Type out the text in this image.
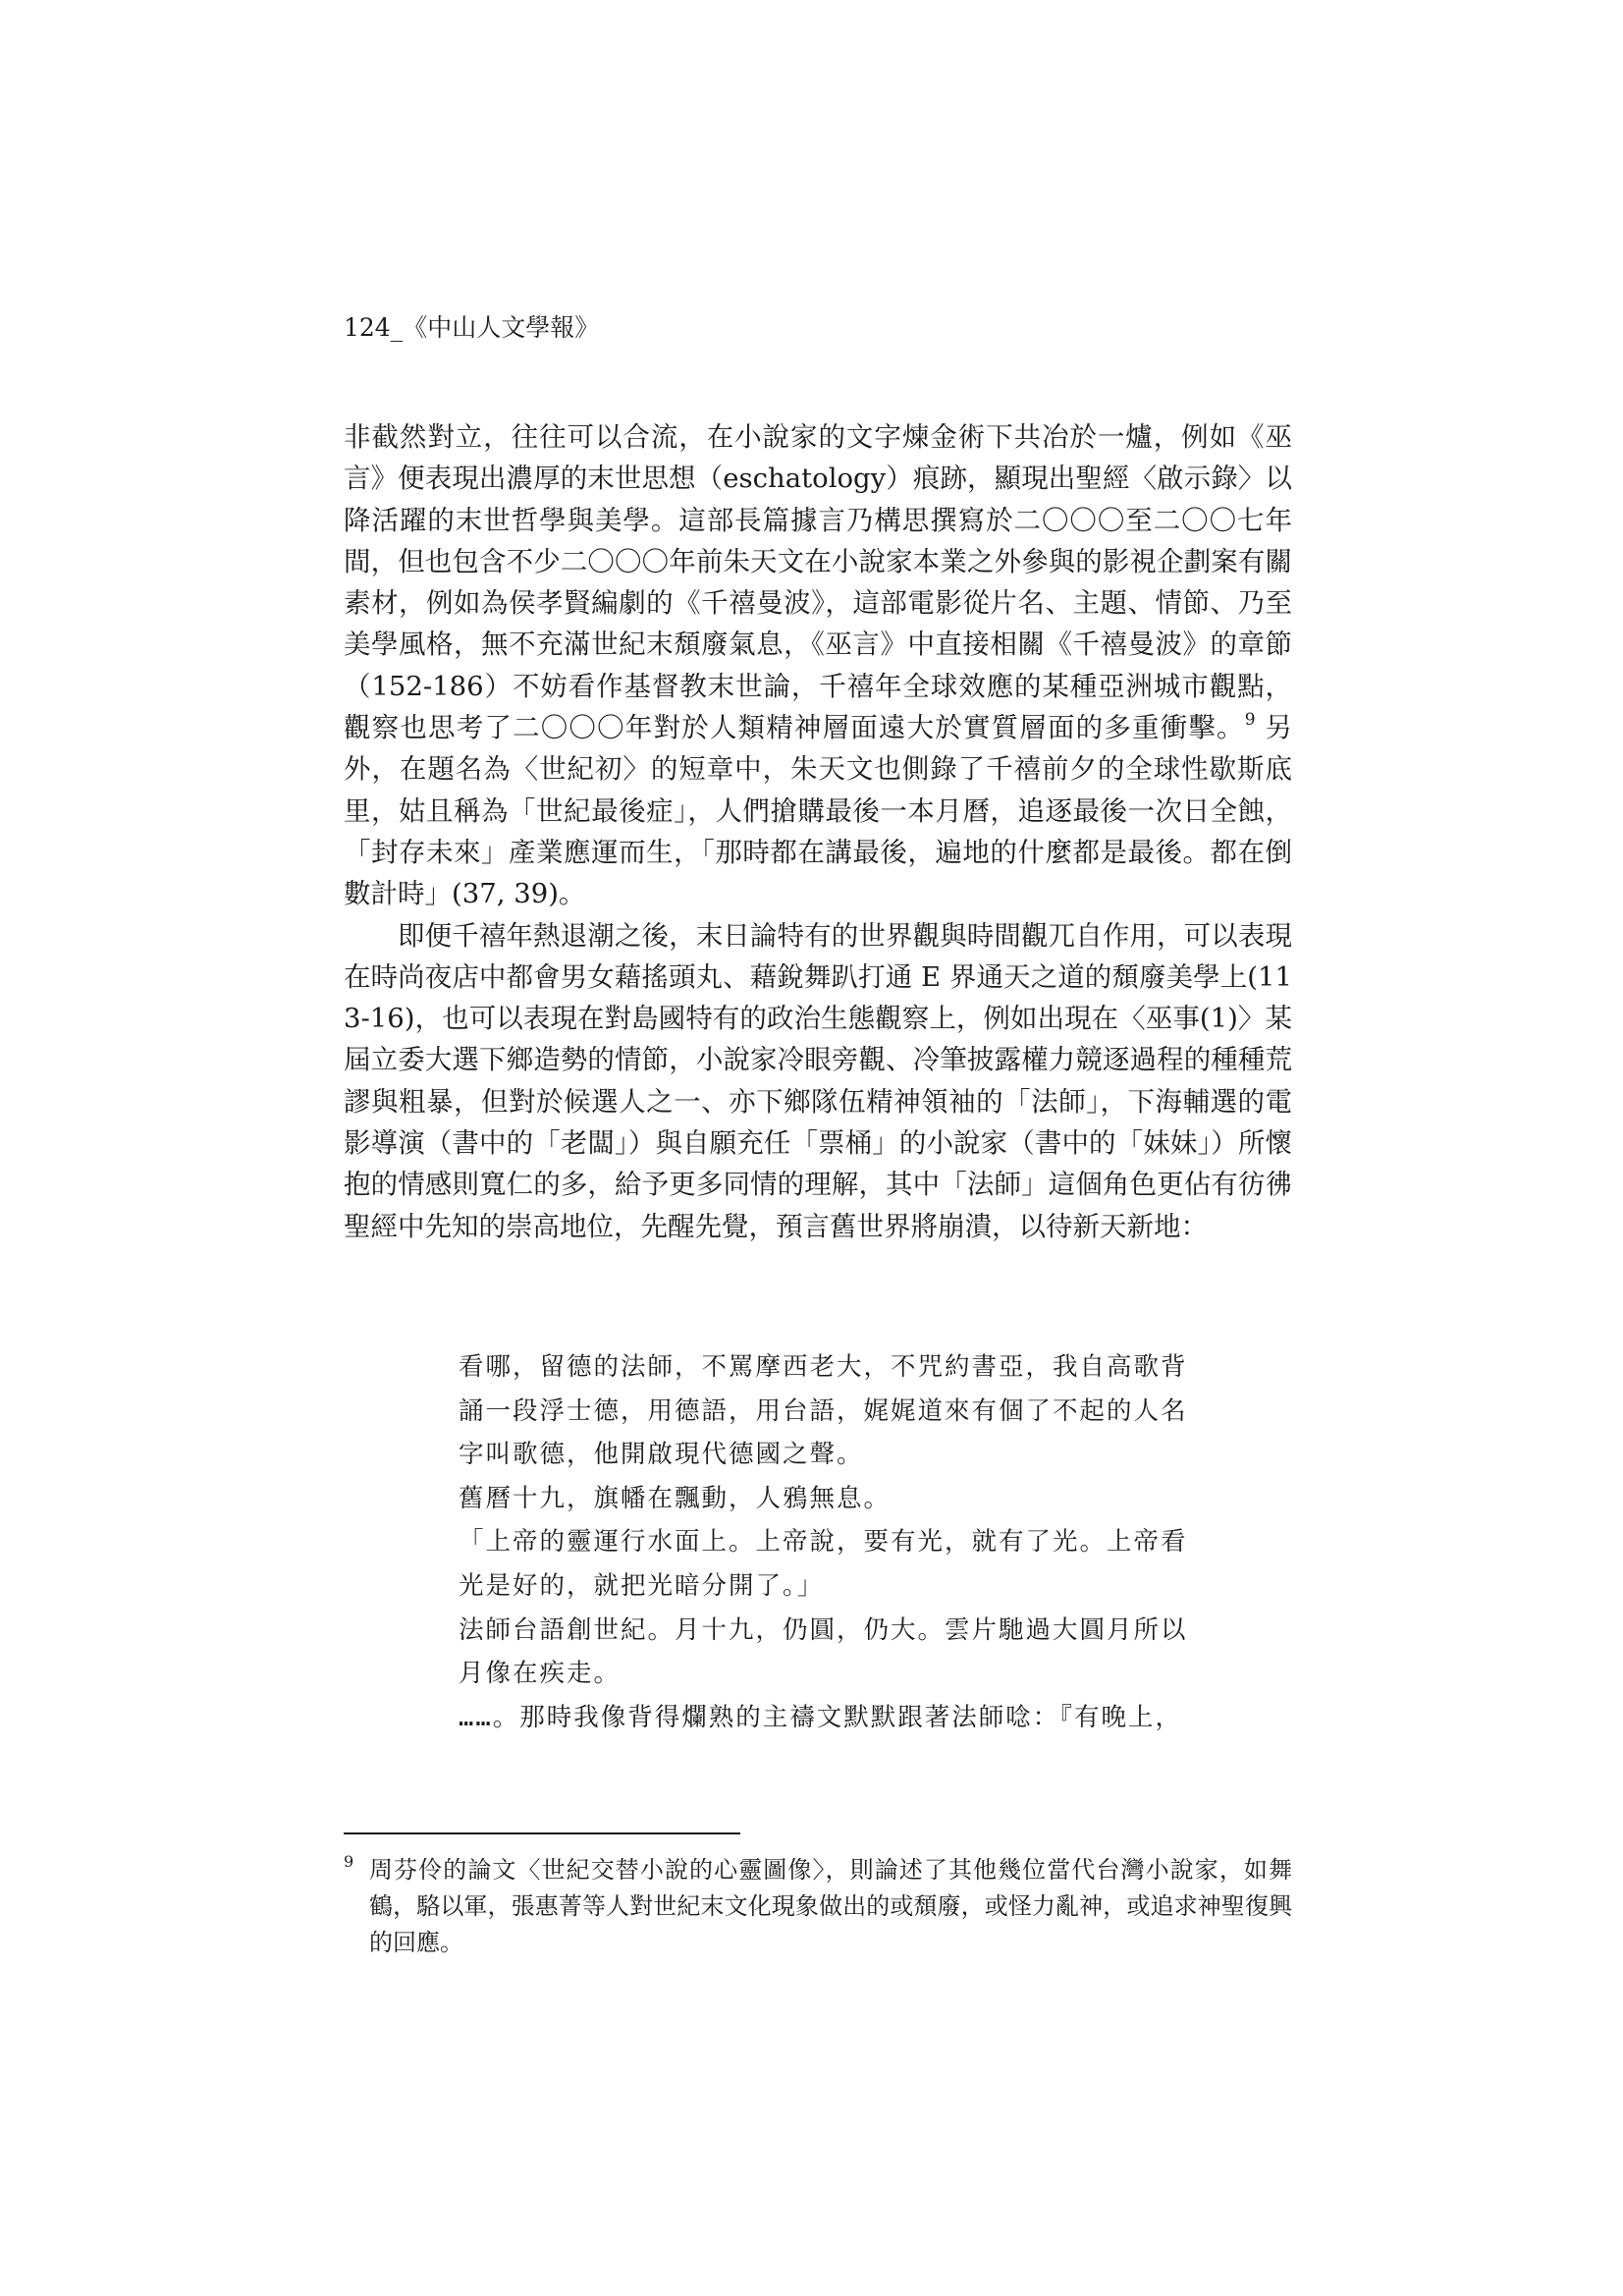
124_《中山人文學報》

非截然對立，往往可以合流，在小說家的文字煉金術下共冶於一爐，例如《巫言》便表現出濃厚的末世思想（eschatology）痕跡，顯現出聖經〈啟示錄〉以降活躍的末世哲學與美學。這部長篇據言乃構思撰寫於二〇〇〇至二〇〇七年間，但也包含不少二〇〇〇年前朱天文在小說家本業之外參與的影視企劃案有關素材，例如為侯孝賢編劇的《千禧曼波》，這部電影從片名、主題、情節、乃至美學風格，無不充滿世紀末頹廢氣息，《巫言》中直接相關《千禧曼波》的章節（152-186）不妨看作基督教末世論，千禧年全球效應的某種亞洲城市觀點，觀察也思考了二〇〇〇年對於人類精神層面遠大於實質層面的多重衝擊。$^9$ 另外，在題名為〈世紀初〉的短章中，朱天文也側錄了千禧前夕的全球性歇斯底里，姑且稱為「世紀最後症」，人們搶購最後一本月曆，追逐最後一次日全蝕，「封存未來」產業應運而生，「那時都在講最後，遍地的什麼都是最後。都在倒數計時」(37, 39)。

即便千禧年熱退潮之後，末日論特有的世界觀與時間觀兀自作用，可以表現在時尚夜店中都會男女藉搖頭丸、藉銳舞趴打通 E 界通天之道的頹廢美學上(113-16)，也可以表現在對島國特有的政治生態觀察上，例如出現在〈巫事(1)〉某屆立委大選下鄉造勢的情節，小說家冷眼旁觀、冷筆披露權力競逐過程的種種荒謬與粗暴，但對於候選人之一、亦下鄉隊伍精神領袖的「法師」，下海輔選的電影導演（書中的「老闆」）與自願充任「票桶」的小說家（書中的「妹妹」）所懷抱的情感則寬仁的多，給予更多同情的理解，其中「法師」這個角色更佔有彷彿聖經中先知的崇高地位，先醒先覺，預言舊世界將崩潰，以待新天新地：

看哪，留德的法師，不罵摩西老大，不咒約書亞，我自高歌背
誦一段浮士德，用德語，用台語，娓娓道來有個了不起的人名
字叫歌德，他開啟現代德國之聲。
舊曆十九，旗幡在飄動，人鴉無息。
「上帝的靈運行水面上。上帝說，要有光，就有了光。上帝看
光是好的，就把光暗分開了。」
法師台語創世紀。月十九，仍圓，仍大。雲片馳過大圓月所以
月像在疾走。
……。那時我像背得爛熟的主禱文默默跟著法師唸：『有晚上，
9 周芬伶的論文〈世紀交替小說的心靈圖像〉，則論述了其他幾位當代台灣小說家，如舞鶴，駱以軍，張惠菁等人對世紀末文化現象做出的或頹廢，或怪力亂神，或追求神聖復興的回應。
